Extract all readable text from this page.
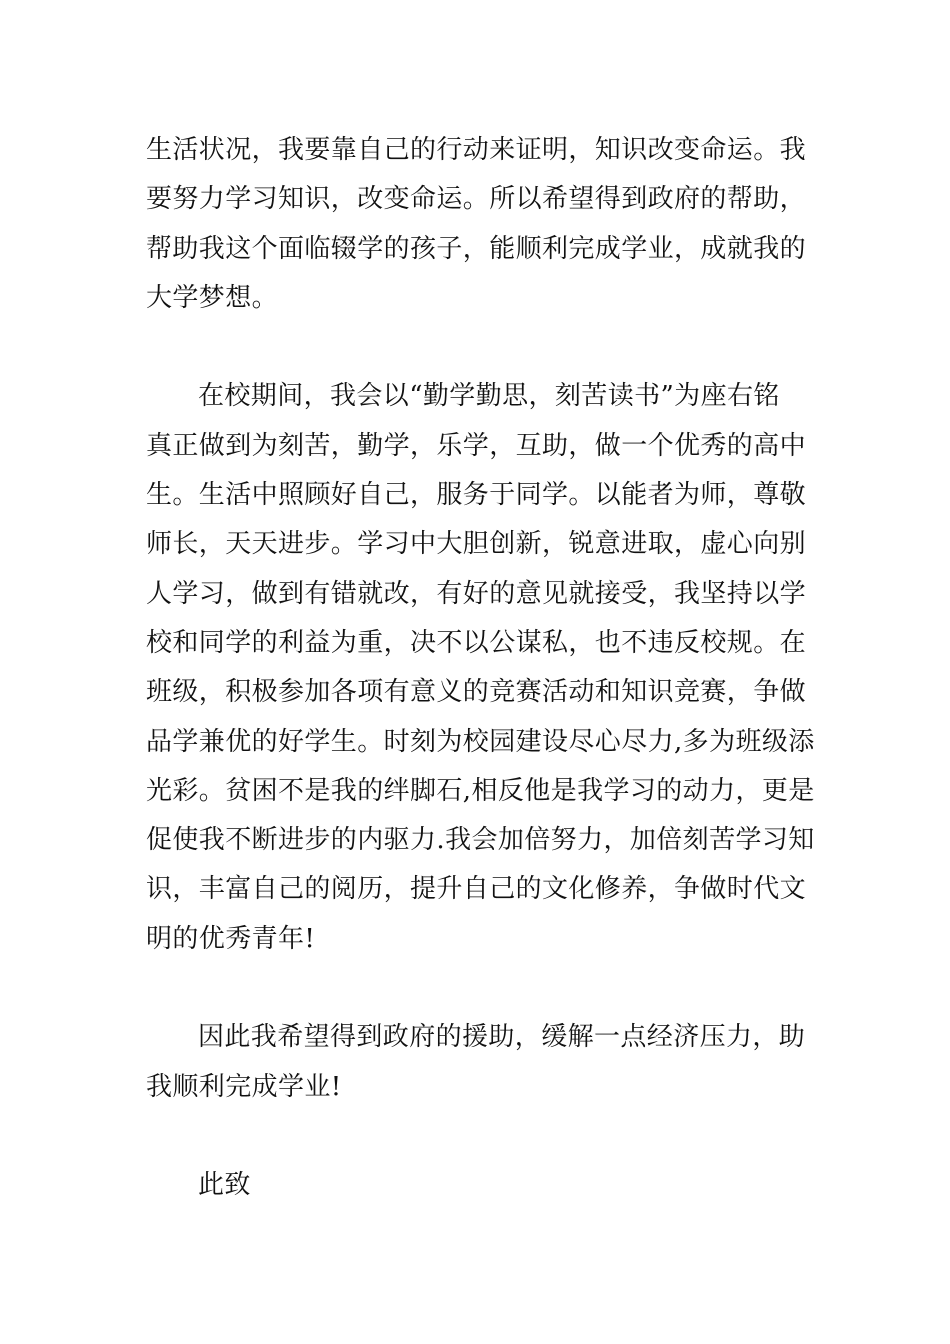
生活状况，我要靠自己的行动来证明，知识改变命运。我
要努力学习知识，改变命运。所以希望得到政府的帮助，
帮助我这个面临辍学的孩子，能顺利完成学业，成就我的
大学梦想。
在校期间，我会以“勤学勤思，刻苦读书”为座右铭
真正做到为刻苦，勤学，乐学，互助，做一个优秀的高中
生。生活中照顾好自己，服务于同学。以能者为师，尊敬
师长，天天进步。学习中大胆创新，锐意进取，虚心向别
人学习，做到有错就改，有好的意见就接受，我坚持以学
校和同学的利益为重，决不以公谋私，也不违反校规。在
班级，积极参加各项有意义的竞赛活动和知识竞赛，争做
品学兼优的好学生。时刻为校园建设尽心尽力,多为班级添
光彩。贫困不是我的绊脚石,相反他是我学习的动力，更是
促使我不断进步的内驱力.我会加倍努力，加倍刻苦学习知
识，丰富自己的阅历，提升自己的文化修养，争做时代文
明的优秀青年!
因此我希望得到政府的援助，缓解一点经济压力，助
我顺利完成学业!
此致
